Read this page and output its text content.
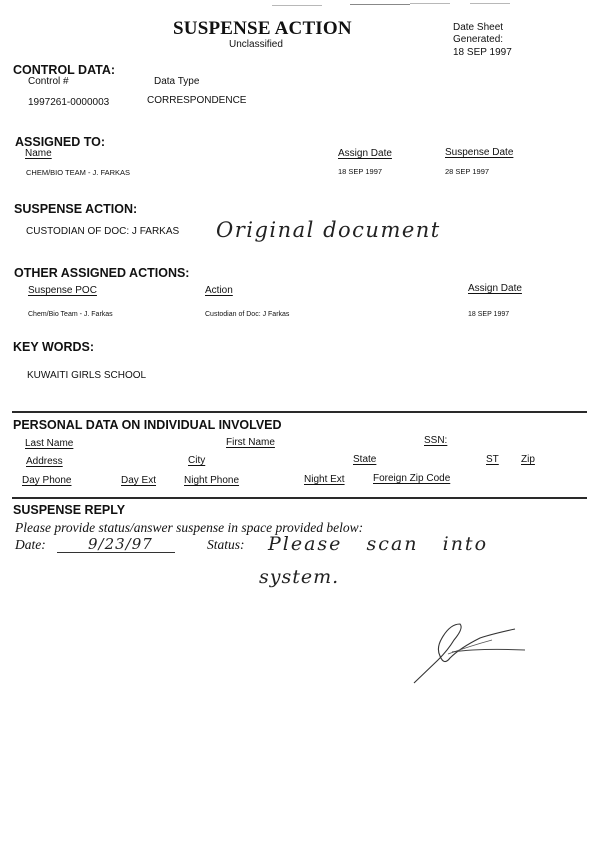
SUSPENSE ACTION
Unclassified
Date Sheet
Generated:
18 SEP 1997
CONTROL DATA:
Control #	Data Type
1997261-0000003	CORRESPONDENCE
ASSIGNED TO:
Name	Assign Date	Suspense Date
CHEM/BIO TEAM - J. FARKAS	18 SEP 1997	28 SEP 1997
SUSPENSE ACTION:
CUSTODIAN OF DOC: J FARKAS Original document
OTHER ASSIGNED ACTIONS:
Suspense POC	Action	Assign Date
Chem/Bio Team - J. Farkas	Custodian of Doc: J Farkas	18 SEP 1997
KEY WORDS:
KUWAITI GIRLS SCHOOL
PERSONAL DATA ON INDIVIDUAL INVOLVED
Last Name	First Name	SSN:
Address	City	State	ST Zip
Day Phone	Day Ext	Night Phone	Night Ext	Foreign Zip Code
SUSPENSE REPLY
Please provide status/answer suspense in space provided below:
Date:	9/23/97	Status: Please   scan   into
system.
